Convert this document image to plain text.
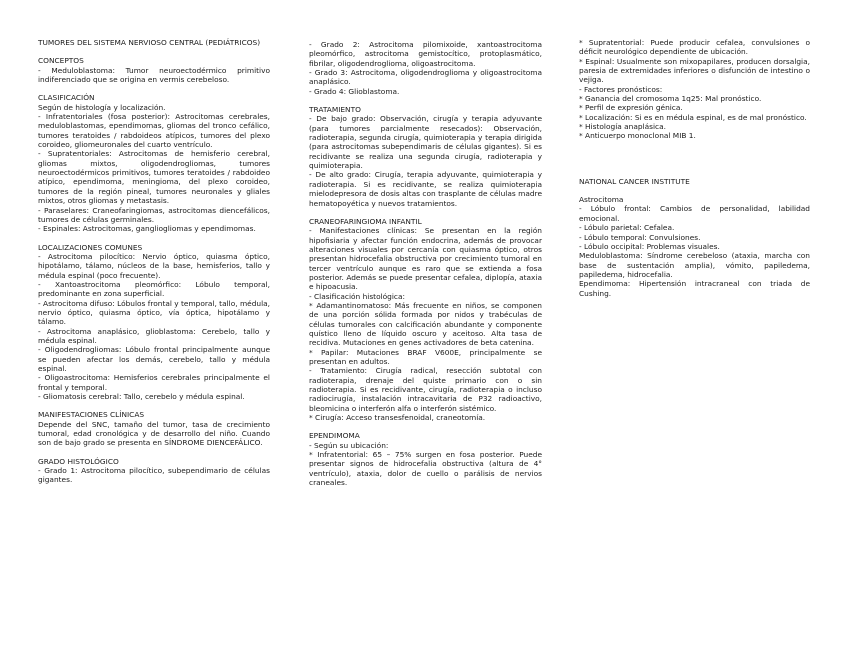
TUMORES DEL SISTEMA NERVIOSO CENTRAL (PEDIÁTRICOS)

CONCEPTOS

- Meduloblastoma: Tumor neuroectodérmico primitivo indiferenciado que se origina en vermis cerebeloso.

CLASIFICACIÓN

Según de histología y localización.

- Infratentoriales (fosa posterior): Astrocitomas cerebrales, meduloblastomas, ependimomas, gliomas del tronco cefálico, tumores teratoides / rabdoideos atípicos, tumores del plexo coroideo, gliomeuronales del cuarto ventrículo.

- Supratentoriales: Astrocitomas de hemisferio cerebral, gliomas mixtos, oligodendrogliomas, tumores neuroectodérmicos primitivos, tumores teratoides / rabdoideo atípico, ependimoma, meningioma, del plexo coroideo, tumores de la región pineal, tumores neuronales y gliales mixtos, otros gliomas y metastasis.

- Paraselares: Craneofaringiomas, astrocitomas diencefálicos, tumores de células germinales.

- Espinales: Astrocitomas, gangliogliomas y ependimomas.

LOCALIZACIONES COMUNES

- Astrocitoma pilocítico: Nervio óptico, quiasma óptico, hipotálamo, tálamo, núcleos de la base, hemisferios, tallo y médula espinal (poco frecuente).

- Xantoastrocitoma pleomórfico: Lóbulo temporal, predominante en zona superficial.

- Astrocitoma difuso: Lóbulos frontal y temporal, tallo, médula, nervio óptico, quiasma óptico, vía óptica, hipotálamo y tálamo.

- Astrocitoma anaplásico, glioblastoma: Cerebelo, tallo y médula espinal.

- Oligodendrogliomas: Lóbulo frontal principalmente aunque se pueden afectar los demás, cerebelo, tallo y médula espinal.

- Oligoastrocitoma: Hemisferios cerebrales principalmente el frontal y temporal.

- Gliomatosis cerebral: Tallo, cerebelo y médula espinal.

MANIFESTACIONES CLÍNICAS

Depende del SNC, tamaño del tumor, tasa de crecimiento tumoral, edad cronológica y de desarrollo del niño. Cuando son de bajo grado se presenta en SÍNDROME DIENCEFÁLICO.

GRADO HISTOLÓGICO

- Grado 1: Astrocitoma pilocítico, subependimario de células gigantes.

- Grado 2: Astrocitoma pilomixoide, xantoastrocitoma pleomórfico, astrocitoma gemistocítico, protoplasmático, fibrilar, oligodendroglioma, oligoastrocitoma.

- Grado 3: Astrocitoma, oligodendroglioma y oligoastrocitoma anaplásico.

- Grado 4: Glioblastoma.

TRATAMIENTO

- De bajo grado: Observación, cirugía y terapia adyuvante (para tumores parcialmente resecados): Observación, radioterapia, segunda cirugía, quimioterapia y terapia dirigida (para astrocitomas subependimaris de células gigantes). Si es recidivante se realiza una segunda cirugía, radioterapia y quimioterapia.

- De alto grado: Cirugía, terapia adyuvante, quimioterapia y radioterapia. Si es recidivante, se realiza quimioterapia mielodepresora de dosis altas con trasplante de células madre hematopoyética y nuevos tratamientos.

CRANEOFARINGIOMA INFANTIL

- Manifestaciones clínicas: Se presentan en la región hipofisiaria y afectar función endocrina, además de provocar alteraciones visuales por cercanía con quiasma óptico, otros presentan hidrocefalia obstructiva por crecimiento tumoral en tercer ventrículo aunque es raro que se extienda a fosa posterior. Además se puede presentar cefalea, diplopía, ataxia e hipoacusia.

- Clasificación histológica:

* Adamantinomatoso: Más frecuente en niños, se componen de una porción sólida formada por nidos y trabéculas de células tumorales con calcificación abundante y componente quístico lleno de líquido oscuro y aceitoso. Alta tasa de recidiva. Mutaciones en genes activadores de beta catenina.

* Papilar: Mutaciones BRAF V600E, principalmente se presentan en adultos.

- Tratamiento: Cirugía radical, resección subtotal con radioterapia, drenaje del quiste primario con o sin radioterapia. Si es recidivante, cirugía, radioterapia o incluso radiocirugía, instalación intracavitaria de P32 radioactivo, bleomicina o interferón alfa o interferón sistémico.

* Cirugía: Acceso transesfenoidal, craneotomía.

EPENDIMOMA

- Según su ubicación:

* Infratentorial: 65 – 75% surgen en fosa posterior. Puede presentar signos de hidrocefalia obstructiva (altura de 4° ventrículo), ataxia, dolor de cuello o parálisis de nervios craneales.

* Supratentorial: Puede producir cefalea, convulsiones o déficit neurológico dependiente de ubicación.

* Espinal: Usualmente son mixopapilares, producen dorsalgia, paresia de extremidades inferiores o disfunción de intestino o vejiga.

- Factores pronósticos:

* Ganancia del cromosoma 1q25: Mal pronóstico.

* Perfil de expresión génica.

* Localización: Si es en médula espinal, es de mal pronóstico.

* Histología anaplásica.

* Anticuerpo monoclonal MIB 1.

NATIONAL CANCER INSTITUTE

Astrocitoma

- Lóbulo frontal: Cambios de personalidad, labilidad emocional.

- Lóbulo parietal: Cefalea.

- Lóbulo temporal: Convulsiones.

- Lóbulo occipital: Problemas visuales.

Meduloblastoma: Síndrome cerebeloso (ataxia, marcha con base de sustentación amplia), vómito, papiledema, papiledema, hidrocefalia.

Ependimoma: Hipertensión intracraneal con triada de Cushing.
